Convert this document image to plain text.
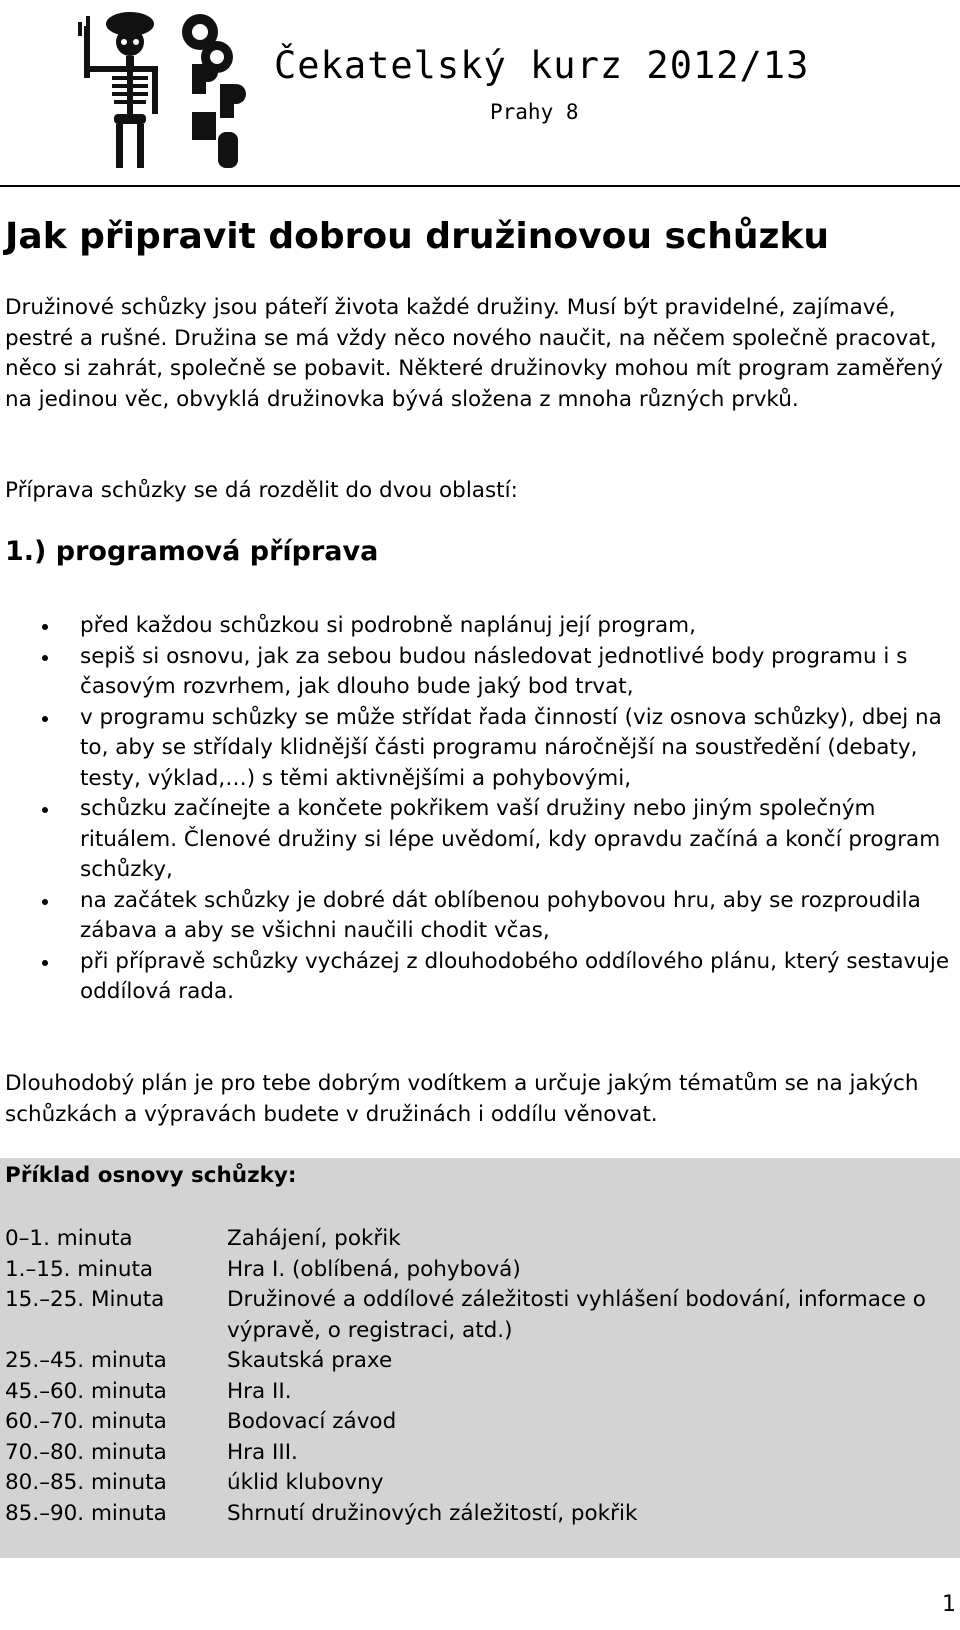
Čekatelský kurz 2012/13
Prahy 8
Jak připravit dobrou družinovou schůzku

Družinové schůzky jsou páteří života každé družiny. Musí být pravidelné, zajímavé, pestré a rušné. Družina se má vždy něco nového naučit, na něčem společně pracovat, něco si zahrát, společně se pobavit. Některé družinovky mohou mít program zaměřený na jedinou věc, obvyklá družinovka bývá složena z mnoha různých prvků.

Příprava schůzky se dá rozdělit do dvou oblastí:

1.) programová příprava
před každou schůzkou si podrobně naplánuj její program,
sepiš si osnovu, jak za sebou budou následovat jednotlivé body programu i s časovým rozvrhem, jak dlouho bude jaký bod trvat,
v programu schůzky se může střídat řada činností (viz osnova schůzky), dbej na to, aby se střídaly klidnější části programu náročnější na soustředění (debaty, testy, výklad,…) s těmi aktivnějšími a pohybovými,
schůzku začínejte a končete pokřikem vaší družiny nebo jiným společným rituálem. Členové družiny si lépe uvědomí, kdy opravdu začíná a končí program schůzky,
na začátek schůzky je dobré dát oblíbenou pohybovou hru, aby se rozproudila zábava a aby se všichni naučili chodit včas,
při přípravě schůzky vycházej z dlouhodobého oddílového plánu, který sestavuje oddílová rada.

Dlouhodobý plán je pro tebe dobrým vodítkem a určuje jakým tématům se na jakých schůzkách a výpravách budete v družinách i oddílu věnovat.

Příklad osnovy schůzky:
0–1. minuta	Zahájení, pokřik
1.–15. minuta	Hra I. (oblíbená, pohybová)
15.–25. Minuta	Družinové a oddílové záležitosti vyhlášení bodování, informace o výpravě, o registraci, atd.)
25.–45. minuta	Skautská praxe
45.–60. minuta	Hra II.
60.–70. minuta	Bodovací závod
70.–80. minuta	Hra III.
80.–85. minuta	úklid klubovny
85.–90. minuta	Shrnutí družinových záležitostí, pokřik
1
